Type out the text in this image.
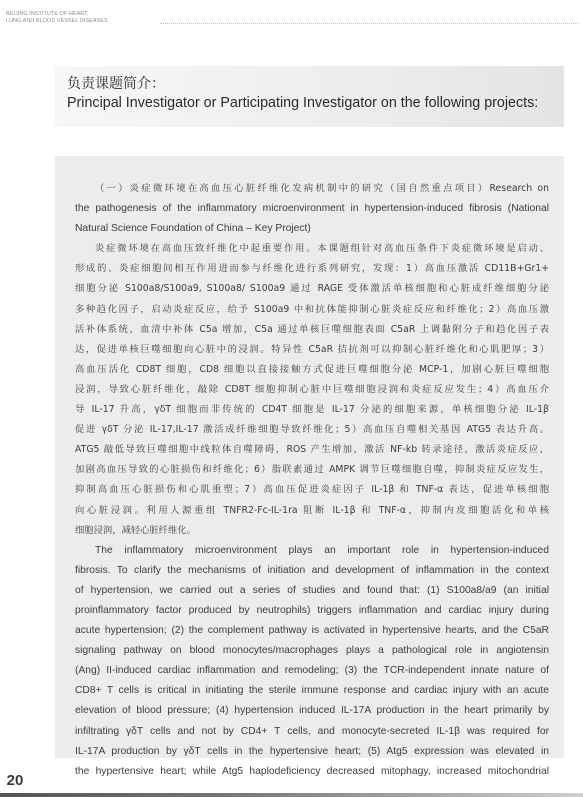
BEIJING INSTITUTE OF HEART,
LUNG AND BLOOD VESSEL DISEASES
负责课题简介：
Principal Investigator or Participating Investigator on the following projects:
（一）炎症微环境在高血压心脏纤维化发病机制中的研究（国自然重点项目）Research on
the pathogenesis of the inflammatory microenvironment in hypertension-induced fibrosis (National
Natural Science Foundation of China – Key Project)
炎症微环境在高血压致纤维化中起重要作用。本课题组针对高血压条件下炎症微环境是启动、
形成的、炎症细胞间相互作用进而参与纤维化进行系列研究，发现：1）高血压激活 CD11B+Gr1+
细胞分泌 S100a8/S100a9, S100a8/ S100a9 通过 RAGE 受体激活单核细胞和心脏成纤维细胞分泌
多种趋化因子，启动炎症反应，给予 S100a9 中和抗体能抑制心脏炎症反应和纤维化；2）高血压激
活补体系统，血清中补体 C5a 增加，C5a 通过单核巨噬细胞表面 C5aR 上调黏附分子和趋化因子表
达，促进单核巨噬细胞向心脏中的浸润。特异性 C5aR 拮抗剂可以抑制心脏纤维化和心肌肥厚；3）
高血压活化 CD8T 细胞，CD8 细胞以直接接触方式促进巨噬细胞分泌 MCP-1，加剧心脏巨噬细胞
浸润，导致心脏纤维化，敲除 CD8T 细胞抑制心脏中巨噬细胞浸润和炎症反应发生；4）高血压介
导 IL-17 升高，γδT 细胞而非传统的 CD4T 细胞是 IL-17 分泌的细胞来源，单核细胞分泌 IL-1β
促进 γδT 分泌 IL-17,IL-17 激活成纤维细胞导致纤维化；5）高血压自噬相关基因 ATG5 表达升高。
ATG5 敲低导致巨噬细胞中线粒体自噬障碍，ROS 产生增加，激活 NF-kb 转录途径，激活炎症反应，
加剧高血压导致的心脏损伤和纤维化；6）脂联素通过 AMPK 调节巨噬细胞自噬，抑制炎症反应发生，
抑制高血压心脏损伤和心肌重塑；7）高血压促进炎症因子 IL-1β 和 TNF-α 表达，促进单核细胞
向心脏浸润。利用人源重组 TNFR2-Fc-IL-1ra 阻断 IL-1β 和 TNF-α，抑制内皮细胞活化和单核
细胞浸润，减轻心脏纤维化。
The inflammatory microenvironment plays an important role in hypertension-induced
fibrosis. To clarify the mechanisms of initiation and development of inflammation in the context
of hypertension, we carried out a series of studies and found that: (1) S100a8/a9 (an initial
proinflammatory factor produced by neutrophils) triggers inflammation and cardiac injury during
acute hypertension; (2) the complement pathway is activated in hypertensive hearts, and the C5aR
signaling pathway on blood monocytes/macrophages plays a pathological role in angiotensin
(Ang) II-induced cardiac inflammation and remodeling; (3) the TCR-independent innate nature of
CD8+ T cells is critical in initiating the sterile immune response and cardiac injury with an acute
elevation of blood pressure; (4) hypertension induced IL-17A production in the heart primarily by
infiltrating γδT cells and not by CD4+ T cells, and monocyte-secreted IL-1β was required for
IL-17A production by γδT cells in the hypertensive heart; (5) Atg5 expression was elevated in
the hypertensive heart; while Atg5 haplodeficiency decreased mitophagy, increased mitochondrial
20
